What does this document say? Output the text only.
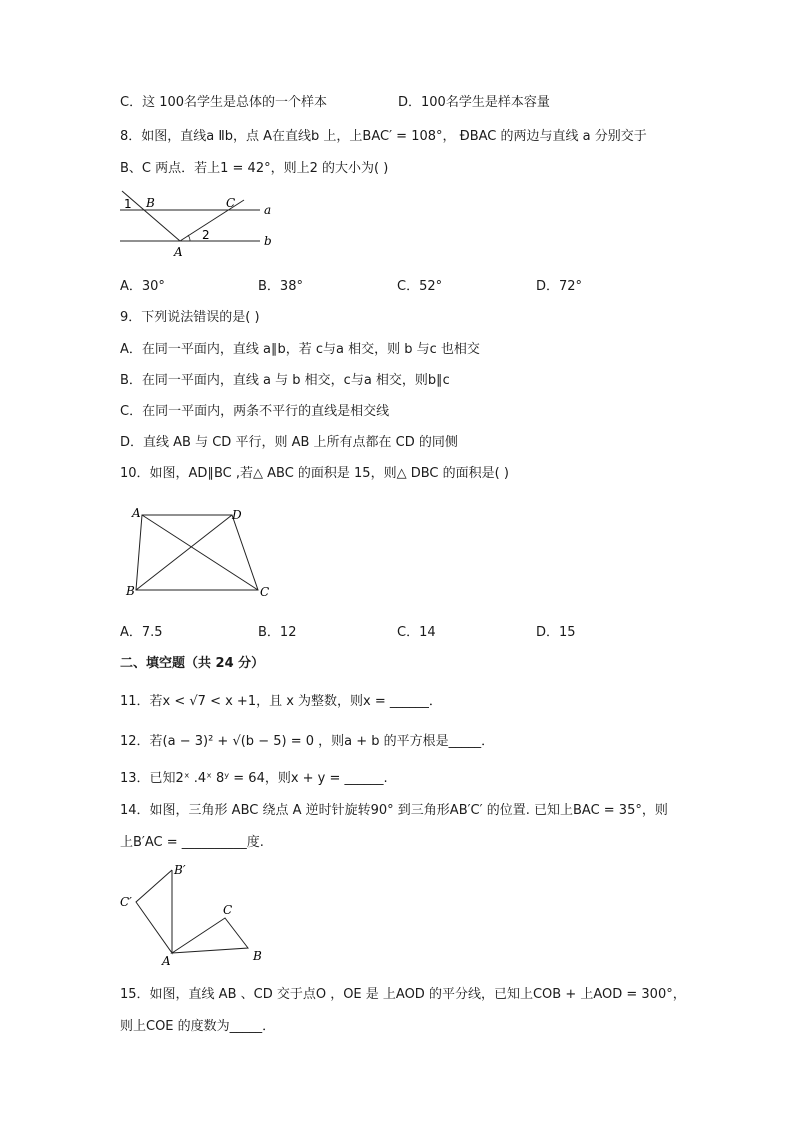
C．这 100名学生是总体的一个样本	D．100名学生是样本容量
8．如图，直线a Ⅱb，点 A在直线b 上，上BAC′ = 108°， ÐBAC 的两边与直线 a 分别交于
B、C 两点．若上1 = 42°，则上2 的大小为( )
1 B	C a
2	b
A
A．30°	B．38°	C．52°	D．72°
9．下列说法错误的是( )
A．在同一平面内，直线 a∥b，若 c与a 相交，则 b 与c 也相交
B．在同一平面内，直线 a 与 b 相交，c与a 相交，则b∥c
C．在同一平面内，两条不平行的直线是相交线
D．直线 AB 与 CD 平行，则 AB 上所有点都在 CD 的同侧
10．如图，AD∥BC ,若△ ABC 的面积是 15，则△ DBC 的面积是( )
A	D
B	C
A．7.5	B．12	C．14	D．15
二、填空题（共 24 分）
11．若x < √7 < x +1，且 x 为整数，则x = ______．
12．若(a − 3)² + √(b − 5) = 0 ，则a + b 的平方根是_____．
13．已知2ˣ .4ˣ 8ʸ = 64，则x + y = ______.
14．如图，三角形 ABC 绕点 A 逆时针旋转90° 到三角形AB′C′ 的位置. 已知上BAC = 35°，则
上B′AC = __________度.
B′
C′
C
A	B
15．如图，直线 AB 、CD 交于点O ，OE 是 上AOD 的平分线，已知上COB + 上AOD = 300°，
则上COE 的度数为_____．
